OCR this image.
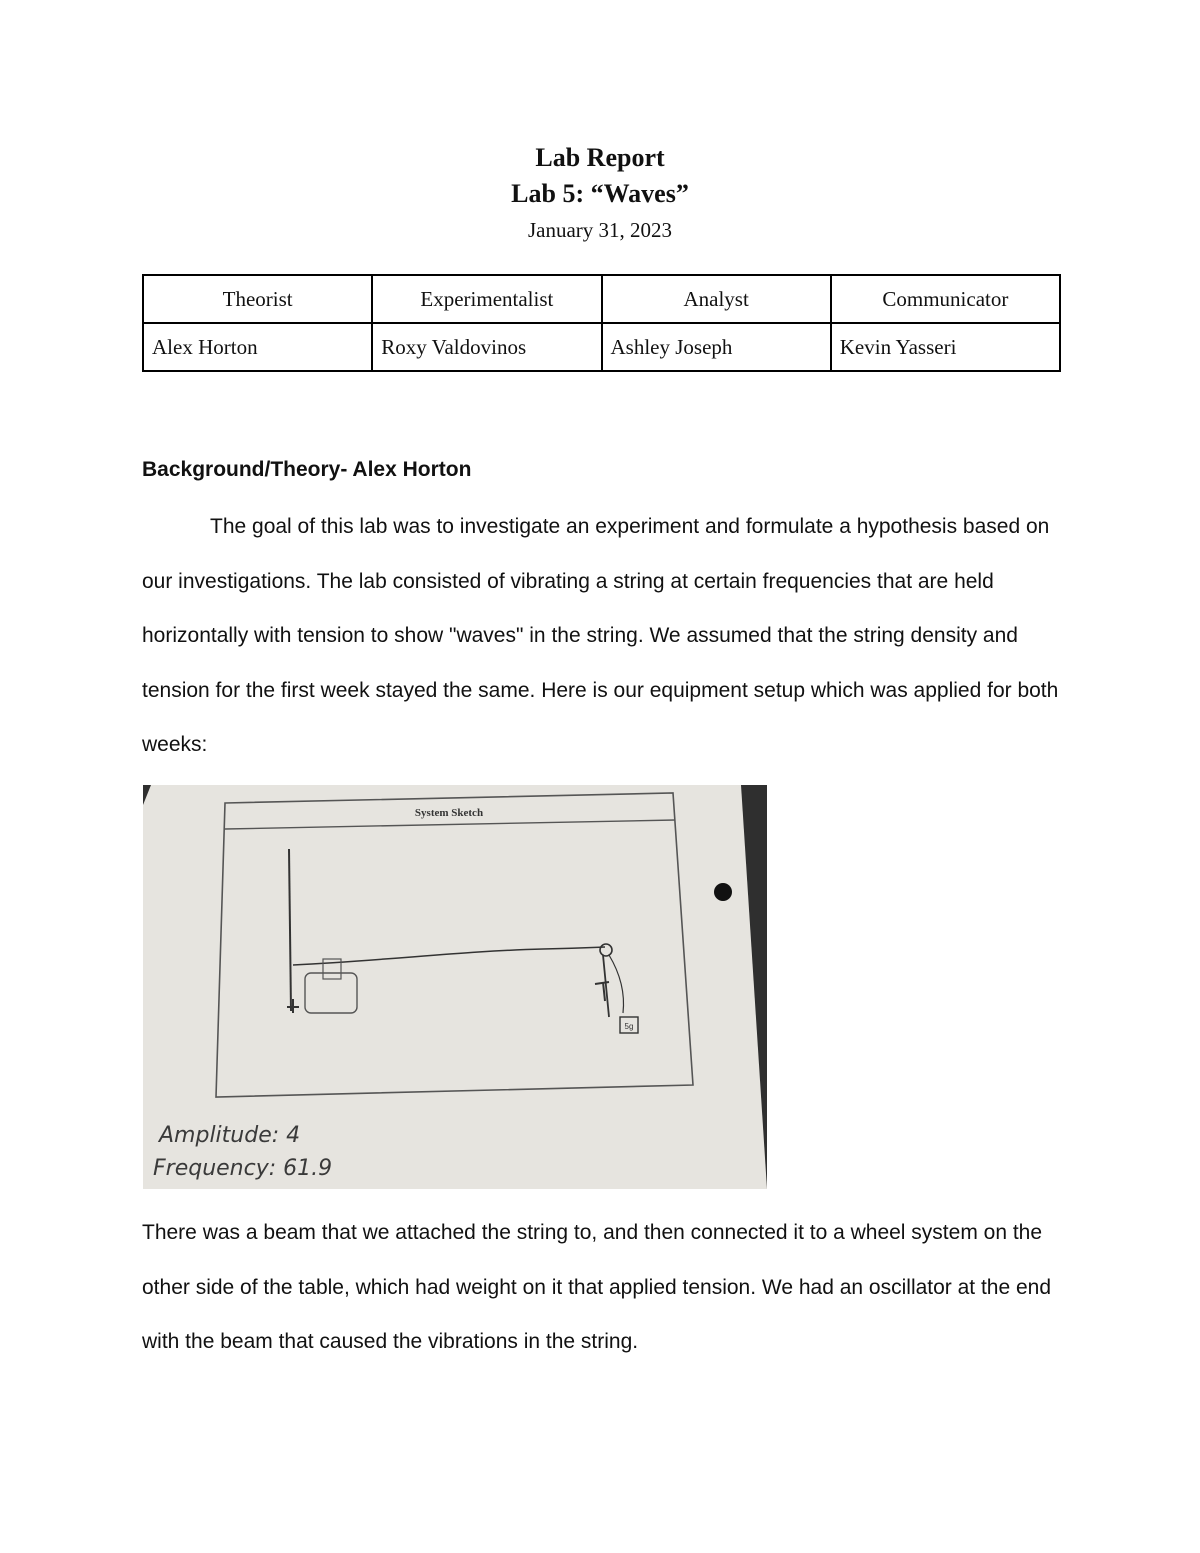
Lab Report
Lab 5: “Waves”
January 31, 2023
Theorist	Experimentalist	Analyst	Communicator
Alex Horton	Roxy Valdovinos	Ashley Joseph	Kevin Yasseri
Background/Theory- Alex Horton

The goal of this lab was to investigate an experiment and formulate a hypothesis based on our investigations. The lab consisted of vibrating a string at certain frequencies that are held horizontally with tension to show "waves" in the string. We assumed that the string density and tension for the first week stayed the same. Here is our equipment setup which was applied for both weeks:

System Sketch
5g
Amplitude: 4
Frequency: 61.9

There was a beam that we attached the string to, and then connected it to a wheel system on the other side of the table, which had weight on it that applied tension. We had an oscillator at the end with the beam that caused the vibrations in the string.
